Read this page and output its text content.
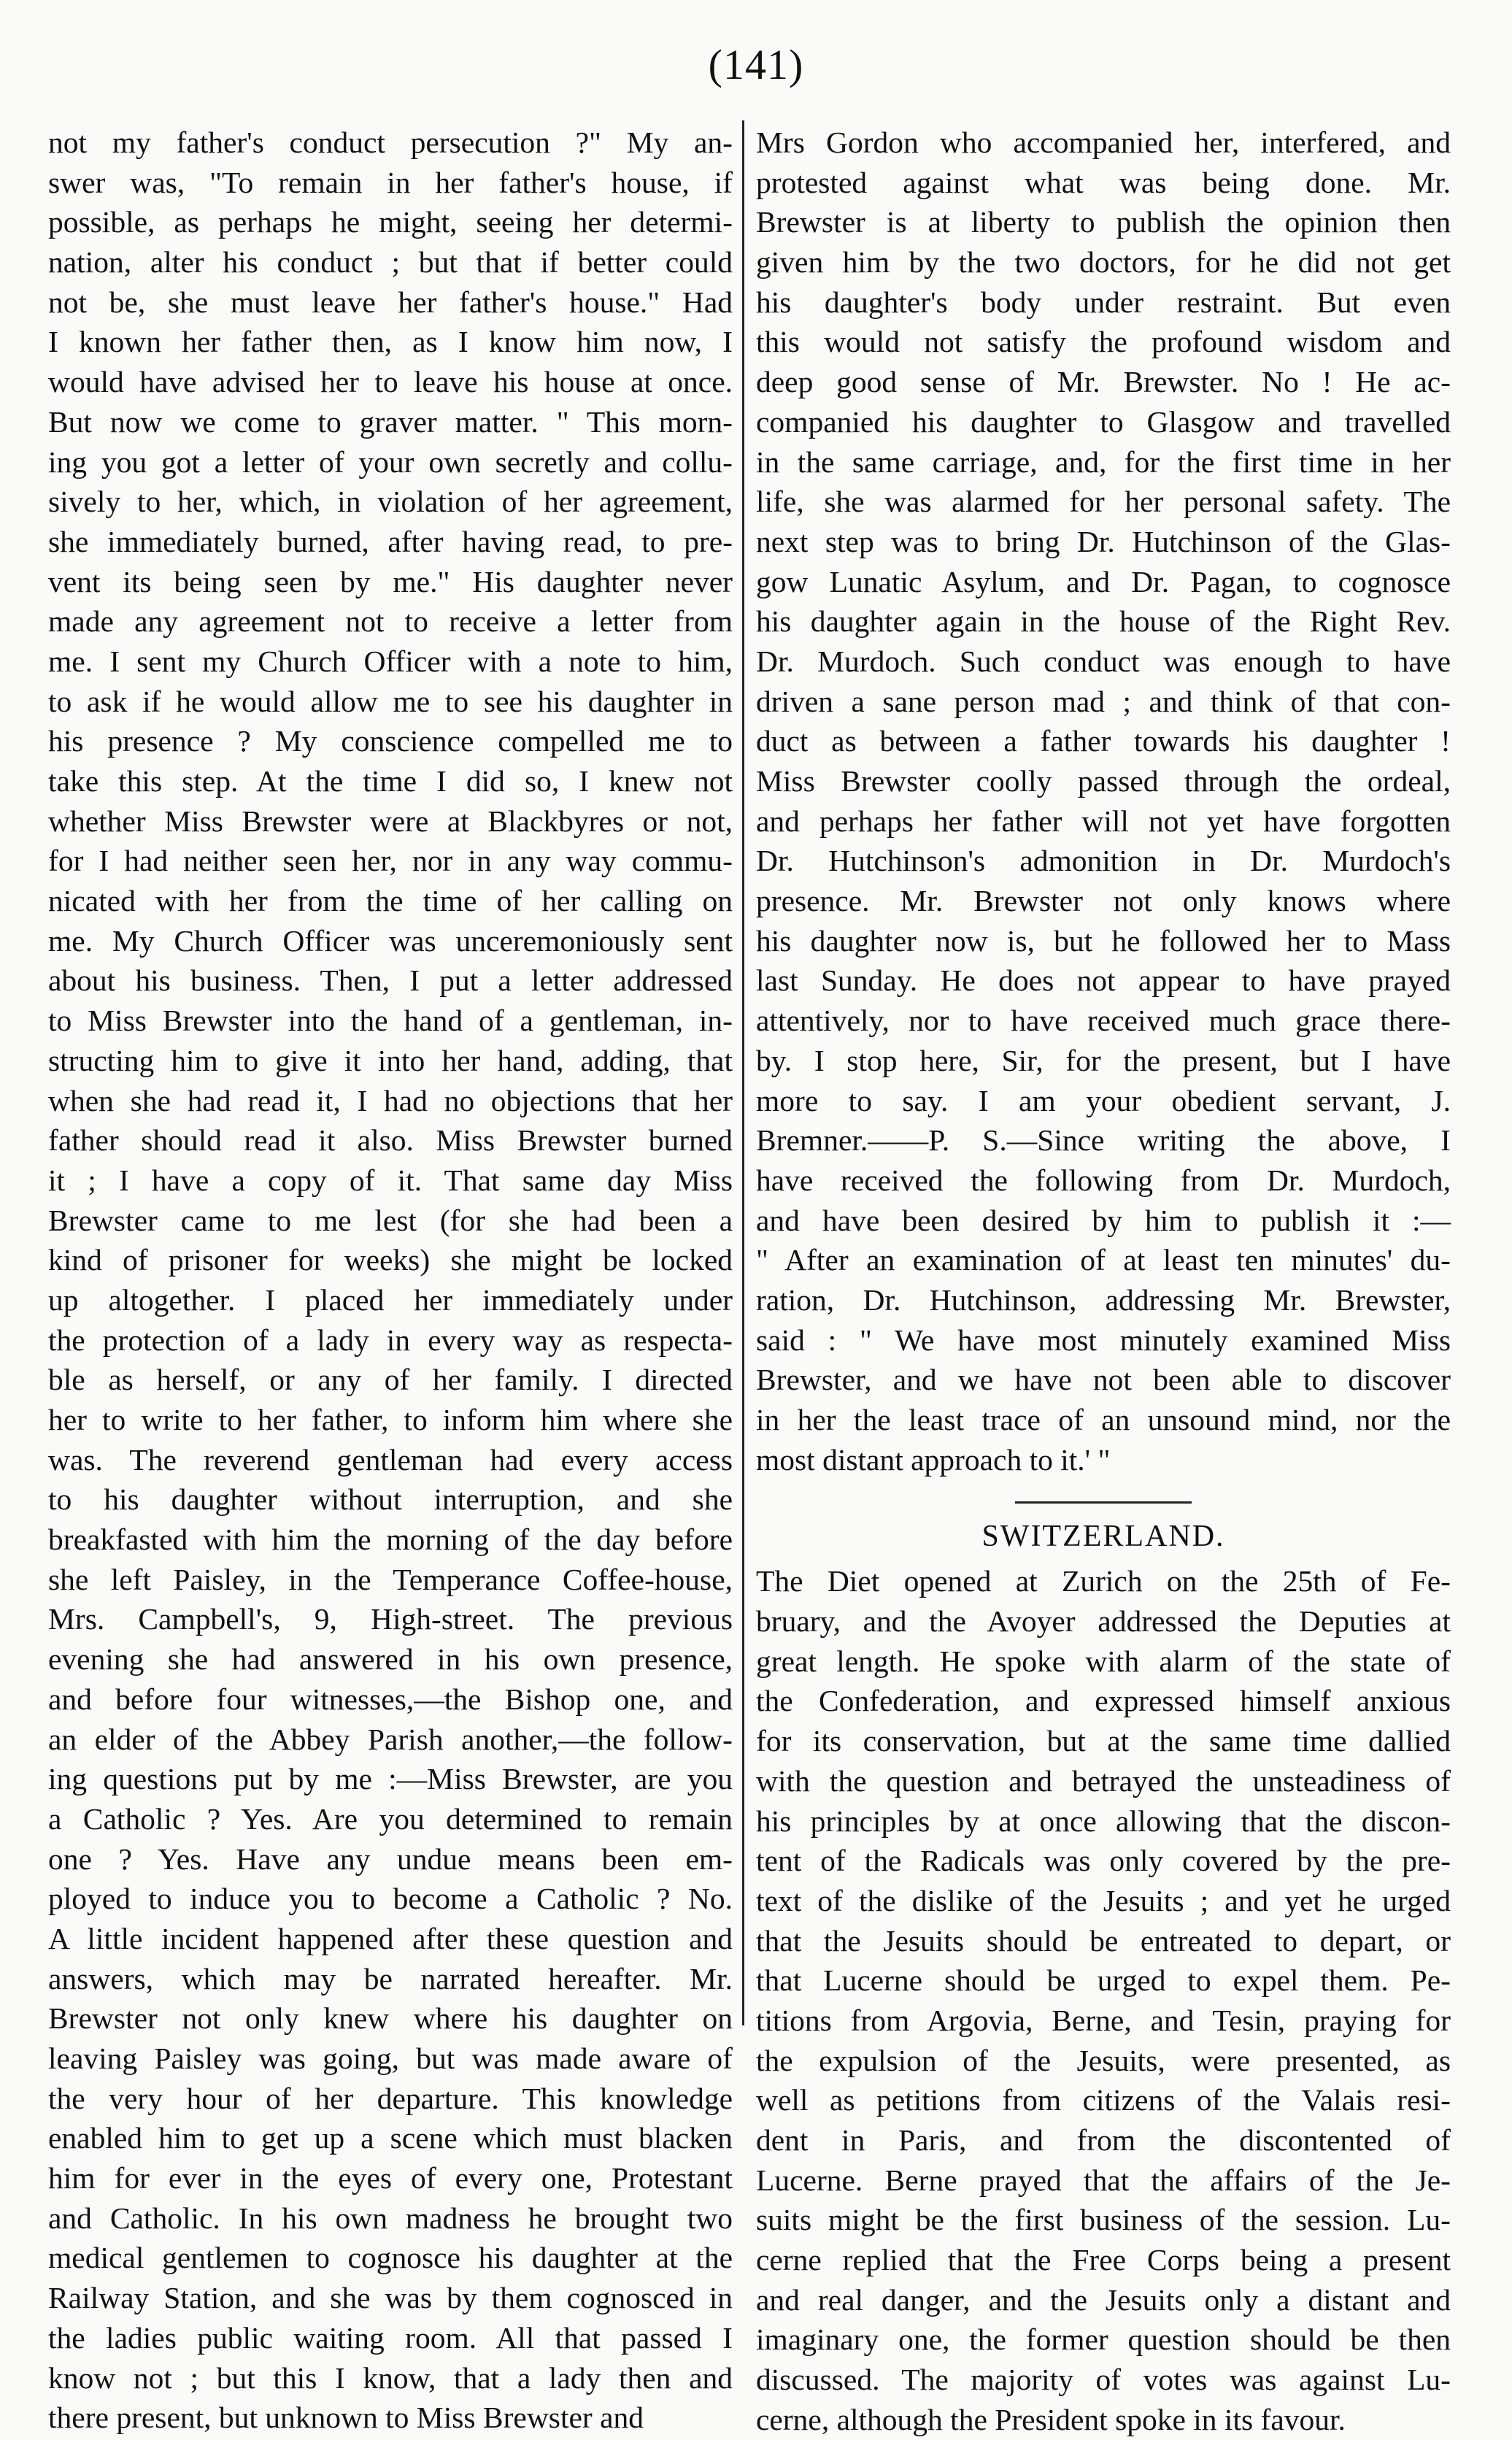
(141)
not my father's conduct persecution ?" My an-
swer was, "To remain in her father's house, if
possible, as perhaps he might, seeing her determi-
nation, alter his conduct ; but that if better could
not be, she must leave her father's house." Had
I known her father then, as I know him now, I
would have advised her to leave his house at once.
But now we come to graver matter. " This morn-
ing you got a letter of your own secretly and collu-
sively to her, which, in violation of her agreement,
she immediately burned, after having read, to pre-
vent its being seen by me." His daughter never
made any agreement not to receive a letter from
me. I sent my Church Officer with a note to him,
to ask if he would allow me to see his daughter in
his presence ? My conscience compelled me to
take this step. At the time I did so, I knew not
whether Miss Brewster were at Blackbyres or not,
for I had neither seen her, nor in any way commu-
nicated with her from the time of her calling on
me. My Church Officer was unceremoniously sent
about his business. Then, I put a letter addressed
to Miss Brewster into the hand of a gentleman, in-
structing him to give it into her hand, adding, that
when she had read it, I had no objections that her
father should read it also. Miss Brewster burned
it ; I have a copy of it. That same day Miss
Brewster came to me lest (for she had been a
kind of prisoner for weeks) she might be locked
up altogether. I placed her immediately under
the protection of a lady in every way as respecta-
ble as herself, or any of her family. I directed
her to write to her father, to inform him where she
was. The reverend gentleman had every access
to his daughter without interruption, and she
breakfasted with him the morning of the day before
she left Paisley, in the Temperance Coffee-house,
Mrs. Campbell's, 9, High-street. The previous
evening she had answered in his own presence,
and before four witnesses,—the Bishop one, and
an elder of the Abbey Parish another,—the follow-
ing questions put by me :—Miss Brewster, are you
a Catholic ? Yes. Are you determined to remain
one ? Yes. Have any undue means been em-
ployed to induce you to become a Catholic ? No.
A little incident happened after these question and
answers, which may be narrated hereafter. Mr.
Brewster not only knew where his daughter on
leaving Paisley was going, but was made aware of
the very hour of her departure. This knowledge
enabled him to get up a scene which must blacken
him for ever in the eyes of every one, Protestant
and Catholic. In his own madness he brought two
medical gentlemen to cognosce his daughter at the
Railway Station, and she was by them cognosced in
the ladies public waiting room. All that passed I
know not ; but this I know, that a lady then and
there present, but unknown to Miss Brewster and
Mrs Gordon who accompanied her, interfered, and
protested against what was being done. Mr.
Brewster is at liberty to publish the opinion then
given him by the two doctors, for he did not get
his daughter's body under restraint. But even
this would not satisfy the profound wisdom and
deep good sense of Mr. Brewster. No ! He ac-
companied his daughter to Glasgow and travelled
in the same carriage, and, for the first time in her
life, she was alarmed for her personal safety. The
next step was to bring Dr. Hutchinson of the Glas-
gow Lunatic Asylum, and Dr. Pagan, to cognosce
his daughter again in the house of the Right Rev.
Dr. Murdoch. Such conduct was enough to have
driven a sane person mad ; and think of that con-
duct as between a father towards his daughter !
Miss Brewster coolly passed through the ordeal,
and perhaps her father will not yet have forgotten
Dr. Hutchinson's admonition in Dr. Murdoch's
presence. Mr. Brewster not only knows where
his daughter now is, but he followed her to Mass
last Sunday. He does not appear to have prayed
attentively, nor to have received much grace there-
by. I stop here, Sir, for the present, but I have
more to say. I am your obedient servant, J.
Bremner.——P. S.—Since writing the above, I
have received the following from Dr. Murdoch,
and have been desired by him to publish it :—
" After an examination of at least ten minutes' du-
ration, Dr. Hutchinson, addressing Mr. Brewster,
said : " We have most minutely examined Miss
Brewster, and we have not been able to discover
in her the least trace of an unsound mind, nor the
most distant approach to it.' "
SWITZERLAND.
The Diet opened at Zurich on the 25th of Fe-
bruary, and the Avoyer addressed the Deputies at
great length. He spoke with alarm of the state of
the Confederation, and expressed himself anxious
for its conservation, but at the same time dallied
with the question and betrayed the unsteadiness of
his principles by at once allowing that the discon-
tent of the Radicals was only covered by the pre-
text of the dislike of the Jesuits ; and yet he urged
that the Jesuits should be entreated to depart, or
that Lucerne should be urged to expel them. Pe-
titions from Argovia, Berne, and Tesin, praying for
the expulsion of the Jesuits, were presented, as
well as petitions from citizens of the Valais resi-
dent in Paris, and from the discontented of
Lucerne. Berne prayed that the affairs of the Je-
suits might be the first business of the session. Lu-
cerne replied that the Free Corps being a present
and real danger, and the Jesuits only a distant and
imaginary one, the former question should be then
discussed. The majority of votes was against Lu-
cerne, although the President spoke in its favour.
